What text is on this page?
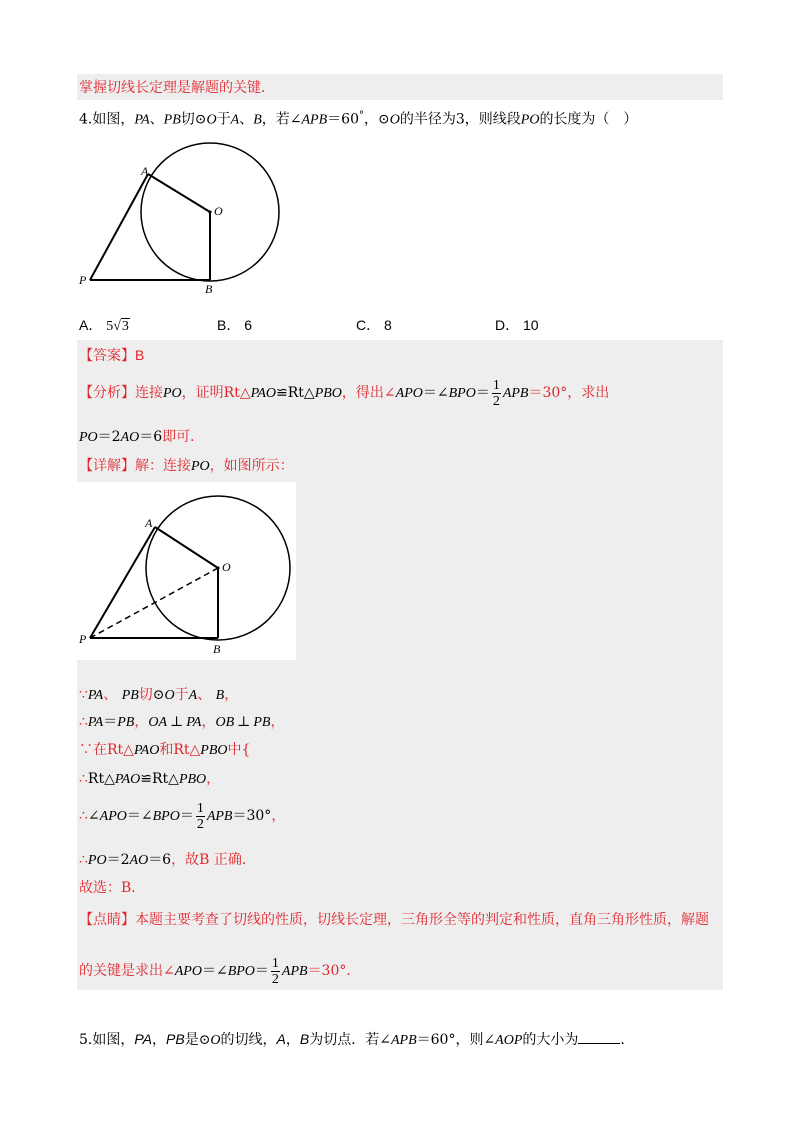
掌握切线长定理是解题的关键．
4.如图，PA、PB切⊙O于A、B，若∠APB＝60°，⊙O的半径为3，则线段PO的长度为（　）
A
O
P
B
A． 5√3	B． 6	C． 8	D． 10
【答案】B
【分析】连接PO，证明Rt△PAO≌Rt△PBO，得出∠APO＝∠BPO＝ $\frac{1}{2} APB=30^\circ$，求出
PO＝2AO＝6即可．
【详解】解：连接PO，如图所示：
A
O
P
B
∵PA、 PB切⊙O于A、 B，
∴PA＝PB，OA ⊥ PA，OB ⊥ PB，
∵在Rt△PAO和Rt△PBO中{
∴Rt△PAO≌Rt△PBO，
∴∠APO＝∠BPO＝ $\frac{1}{2} APB=30^\circ$，
∴PO＝2AO＝6，故B 正确．
故选：B．
【点睛】本题主要考查了切线的性质，切线长定理，三角形全等的判定和性质，直角三角形性质，解题
的关键是求出∠APO＝∠BPO＝ $\frac{1}{2} APB=30^\circ$．
5.如图，PA，PB是⊙O的切线，A，B为切点．若∠APB＝60°，则∠AOP的大小为	．
